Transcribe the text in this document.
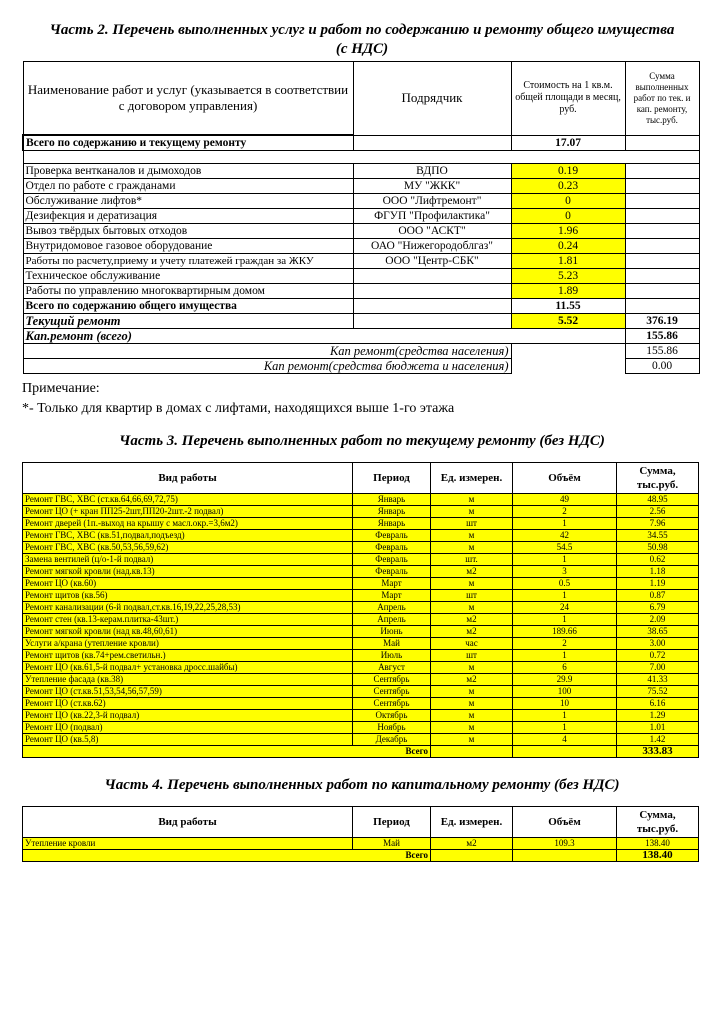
Часть 2. Перечень выполненных услуг и работ по содержанию и ремонту общего имущества
(с НДС)
Наименование работ и услуг (указывается в соответствии с договором управления)	Подрядчик	Стоимость на 1 кв.м. общей площади в месяц, руб.	Сумма выполненных работ по тек. и кап. ремонту, тыс.руб.
Всего по содержанию и текущему ремонту		17.07	

Проверка вентканалов и дымоходов	ВДПО	0.19	
Отдел по работе с гражданами	МУ "ЖКК"	0.23	
Обслуживание лифтов*	ООО "Лифтремонт"	0	
Дезифекция и дератизация	ФГУП "Профилактика"	0	
Вывоз твёрдых бытовых отходов	ООО "АСКТ"	1.96	
Внутридомовое газовое оборудование	ОАО "Нижегородоблгаз"	0.24	
Работы по расчету,приему и учету платежей граждан за ЖКУ	ООО "Центр-СБК"	1.81	
Техническое обслуживание		5.23	
Работы по управлению многоквартирным домом		1.89	
Всего по содержанию общего имущества		11.55	
Текущий ремонт		5.52	376.19
Кап.ремонт (всего)			155.86
Кап ремонт(средства населения)			155.86
Кап ремонт(средства бюджета и населения)			0.00
Примечание:
*- Только для квартир в домах с лифтами, находящихся выше 1-го этажа
Часть 3. Перечень выполненных работ по текущему ремонту (без НДС)
Вид работы	Период	Ед. измерен.	Объём	Сумма, тыс.руб.
Ремонт ГВС, ХВС (ст.кв.64,66,69,72,75)	Январь	м	49	48.95
Ремонт ЦО (+ кран ПП25-2шт,ПП20-2шт.-2 подвал)	Январь	м	2	2.56
Ремонт дверей (1п.-выход на крышу с масл.окр.=3,6м2)	Январь	шт	1	7.96
Ремонт ГВС, ХВС (кв.51,подвал,подъезд)	Февраль	м	42	34.55
Ремонт ГВС, ХВС (кв.50,53,56,59,62)	Февраль	м	54.5	50.98
Замена вентилей (ц/о-1-й подвал)	Февраль	шт.	1	0.62
Ремонт мягкой кровли (над.кв.13)	Февраль	м2	3	1.18
Ремонт ЦО (кв.60)	Март	м	0.5	1.19
Ремонт щитов (кв.56)	Март	шт	1	0.87
Ремонт канализации (6-й подвал,ст.кв.16,19,22,25,28,53)	Апрель	м	24	6.79
Ремонт стен (кв.13-керам.плитка-43шт.)	Апрель	м2	1	2.09
Ремонт мягкой кровли (над кв.48,60,61)	Июнь	м2	189.66	38.65
Услуги а/крана (утепление кровли)	Май	час	2	3.00
Ремонт щитов (кв.74+рем.светильн.)	Июль	шт	1	0.72
Ремонт ЦО (кв.61,5-й подвал+ установка дросс.шайбы)	Август	м	6	7.00
Утепление фасада (кв.38)	Сентябрь	м2	29.9	41.33
Ремонт ЦО (ст.кв.51,53,54,56,57,59)	Сентябрь	м	100	75.52
Ремонт ЦО (ст.кв.62)	Сентябрь	м	10	6.16
Ремонт ЦО (кв.22,3-й подвал)	Октябрь	м	1	1.29
Ремонт ЦО (подвал)	Ноябрь	м	1	1.01
Ремонт ЦО (кв.5,8)	Декабрь	м	4	1.42
Всего				333.83
Часть 4. Перечень выполненных работ по капитальному ремонту (без НДС)
Вид работы	Период	Ед. измерен.	Объём	Сумма, тыс.руб.
Утепление кровли	Май	м2	109.3	138.40
Всего				138.40
